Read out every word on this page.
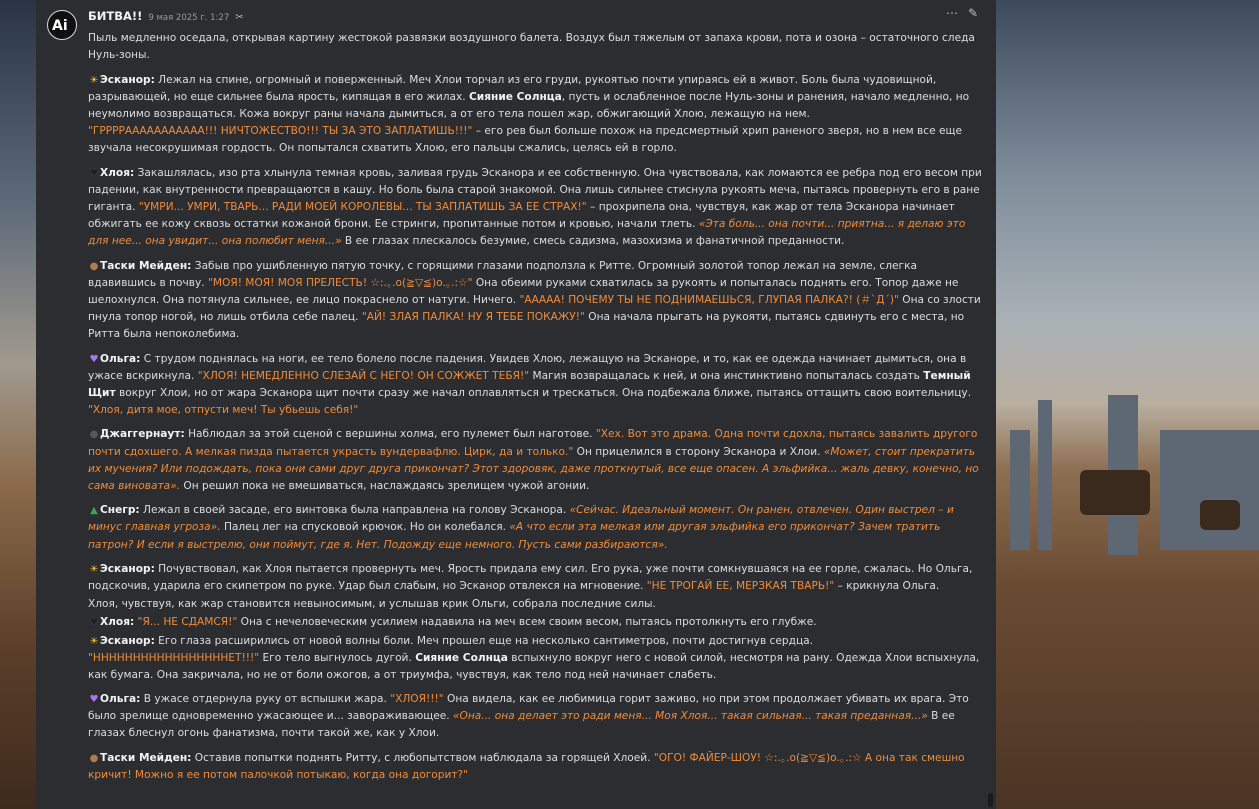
Ai
БИТВА!! 9 мая 2025 г. 1:27 ✂	⋯ ✎

Пыль медленно оседала, открывая картину жестокой развязки воздушного балета. Воздух был тяжелым от запаха крови, пота и озона – остаточного следа Нуль-зоны.

☀ Эсканор: Лежал на спине, огромный и поверженный. Меч Хлои торчал из его груди, рукоятью почти упираясь ей в живот. Боль была чудовищной, разрывающей, но еще сильнее была ярость, кипящая в его жилах. Сияние Солнца, пусть и ослабленное после Нуль-зоны и ранения, начало медленно, но неумолимо возвращаться. Кожа вокруг раны начала дымиться, а от его тела пошел жар, обжигающий Хлою, лежащую на нем.
"ГРРРРААААААААААА!!! НИЧТОЖЕСТВО!!! ТЫ ЗА ЭТО ЗАПЛАТИШЬ!!!" – его рев был больше похож на предсмертный хрип раненого зверя, но в нем все еще звучала несокрушимая гордость. Он попытался схватить Хлою, его пальцы сжались, целясь ей в горло.

♥ Хлоя: Закашлялась, изо рта хлынула темная кровь, заливая грудь Эсканора и ее собственную. Она чувствовала, как ломаются ее ребра под его весом при падении, как внутренности превращаются в кашу. Но боль была старой знакомой. Она лишь сильнее стиснула рукоять меча, пытаясь провернуть его в ране гиганта. "УМРИ... УМРИ, ТВАРЬ... РАДИ МОЕЙ КОРОЛЕВЫ... ТЫ ЗАПЛАТИШЬ ЗА ЕЕ СТРАХ!" – прохрипела она, чувствуя, как жар от тела Эсканора начинает обжигать ее кожу сквозь остатки кожаной брони. Ее стринги, пропитанные потом и кровью, начали тлеть. «Эта боль... она почти... приятна... я делаю это для нее... она увидит... она полюбит меня...» В ее глазах плескалось безумие, смесь садизма, мазохизма и фанатичной преданности.

● Таски Мейден: Забыв про ушибленную пятую точку, с горящими глазами подползла к Ритте. Огромный золотой топор лежал на земле, слегка вдавившись в почву. "МОЯ! МОЯ! МОЯ ПРЕЛЕСТЬ! ☆:.｡.o(≧▽≦)o.｡.:☆" Она обеими руками схватилась за рукоять и попыталась поднять его. Топор даже не шелохнулся. Она потянула сильнее, ее лицо покраснело от натуги. Ничего. "ААААА! ПОЧЕМУ ТЫ НЕ ПОДНИМАЕШЬСЯ, ГЛУПАЯ ПАЛКА?! (＃`Д´)" Она со злости пнула топор ногой, но лишь отбила себе палец. "АЙ! ЗЛАЯ ПАЛКА! НУ Я ТЕБЕ ПОКАЖУ!" Она начала прыгать на рукояти, пытаясь сдвинуть его с места, но Ритта была непоколебима.

♥ Ольга: С трудом поднялась на ноги, ее тело болело после падения. Увидев Хлою, лежащую на Эсканоре, и то, как ее одежда начинает дымиться, она в ужасе вскрикнула. "ХЛОЯ! НЕМЕДЛЕННО СЛЕЗАЙ С НЕГО! ОН СОЖЖЕТ ТЕБЯ!" Магия возвращалась к ней, и она инстинктивно попыталась создать Темный Щит вокруг Хлои, но от жара Эсканора щит почти сразу же начал оплавляться и трескаться. Она подбежала ближе, пытаясь оттащить свою воительницу. "Хлоя, дитя мое, отпусти меч! Ты убьешь себя!"

● Джаггернаут: Наблюдал за этой сценой с вершины холма, его пулемет был наготове. "Хех. Вот это драма. Одна почти сдохла, пытаясь завалить другого почти сдохшего. А мелкая пизда пытается украсть вундервафлю. Цирк, да и только." Он прицелился в сторону Эсканора и Хлои. «Может, стоит прекратить их мучения? Или подождать, пока они сами друг друга прикончат? Этот здоровяк, даже проткнутый, все еще опасен. А эльфийка... жаль девку, конечно, но сама виновата». Он решил пока не вмешиваться, наслаждаясь зрелищем чужой агонии.

▲ Снегр: Лежал в своей засаде, его винтовка была направлена на голову Эсканора. «Сейчас. Идеальный момент. Он ранен, отвлечен. Один выстрел – и минус главная угроза». Палец лег на спусковой крючок. Но он колебался. «А что если эта мелкая или другая эльфийка его прикончат? Зачем тратить патрон? И если я выстрелю, они поймут, где я. Нет. Подожду еще немного. Пусть сами разбираются».

☀ Эсканор: Почувствовал, как Хлоя пытается провернуть меч. Ярость придала ему сил. Его рука, уже почти сомкнувшаяся на ее горле, сжалась. Но Ольга, подскочив, ударила его скипетром по руке. Удар был слабым, но Эсканор отвлекся на мгновение. "НЕ ТРОГАЙ ЕЕ, МЕРЗКАЯ ТВАРЬ!" – крикнула Ольга.

Хлоя, чувствуя, как жар становится невыносимым, и услышав крик Ольги, собрала последние силы.

♥ Хлоя: "Я... НЕ СДАМСЯ!" Она с нечеловеческим усилием надавила на меч всем своим весом, пытаясь протолкнуть его глубже.

☀ Эсканор: Его глаза расширились от новой волны боли. Меч прошел еще на несколько сантиметров, почти достигнув сердца.
"НННННННННННННННННЕТ!!!" Его тело выгнулось дугой. Сияние Солнца вспыхнуло вокруг него с новой силой, несмотря на рану. Одежда Хлои вспыхнула, как бумага. Она закричала, но не от боли ожогов, а от триумфа, чувствуя, как тело под ней начинает слабеть.

♥ Ольга: В ужасе отдернула руку от вспышки жара. "ХЛОЯ!!!" Она видела, как ее любимица горит заживо, но при этом продолжает убивать их врага. Это было зрелище одновременно ужасающее и... завораживающее. «Она... она делает это ради меня... Моя Хлоя... такая сильная... такая преданная...» В ее глазах блеснул огонь фанатизма, почти такой же, как у Хлои.

● Таски Мейден: Оставив попытки поднять Ритту, с любопытством наблюдала за горящей Хлоей. "ОГО! ФАЙЕР-ШОУ! ☆:.｡.o(≧▽≦)o.｡.:☆ А она так смешно кричит! Можно я ее потом палочкой потыкаю, когда она догорит?"
